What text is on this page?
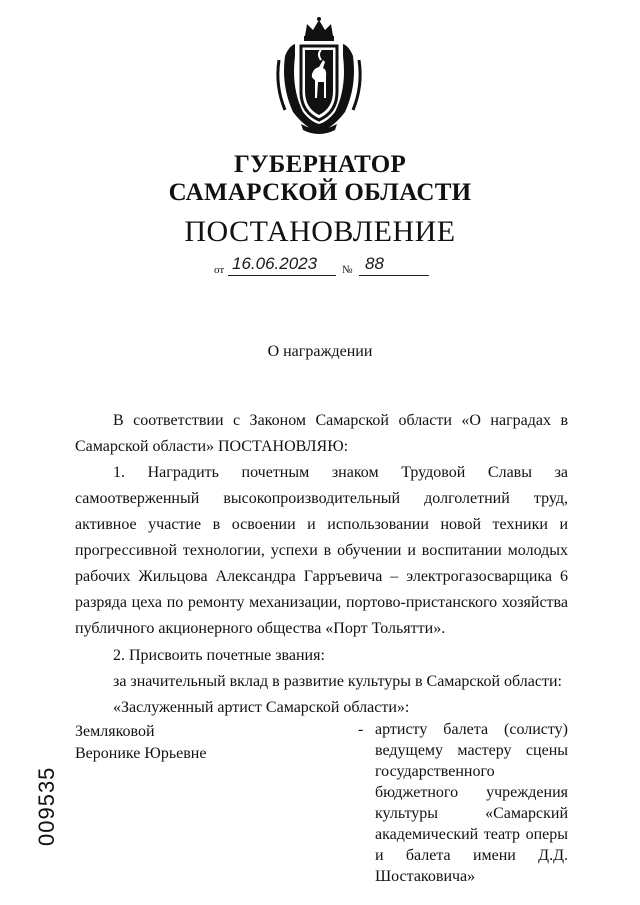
ГУБЕРНАТОР
САМАРСКОЙ ОБЛАСТИ
ПОСТАНОВЛЕНИЕ
от 16.06.2023 № 88
О награждении

В соответствии с Законом Самарской области «О наградах в Самарской области» ПОСТАНОВЛЯЮ:

1. Наградить почетным знаком Трудовой Славы за самоотверженный высокопроизводительный долголетний труд, активное участие в освоении и использовании новой техники и прогрессивной технологии, успехи в обучении и воспитании молодых рабочих Жильцова Александра Гарръевича – электрогазосварщика 6 разряда цеха по ремонту механизации, портово-пристанского хозяйства публичного акционерного общества «Порт Тольятти».

2. Присвоить почетные звания:

за значительный вклад в развитие культуры в Самарской области:

«Заслуженный артист Самарской области»:

Земляковой
Веронике Юрьевне
- артисту балета (солисту) ведущему мастеру сцены государственного бюджетного учреждения культуры «Самарский академический театр оперы и балета имени Д.Д. Шостаковича»
009535
